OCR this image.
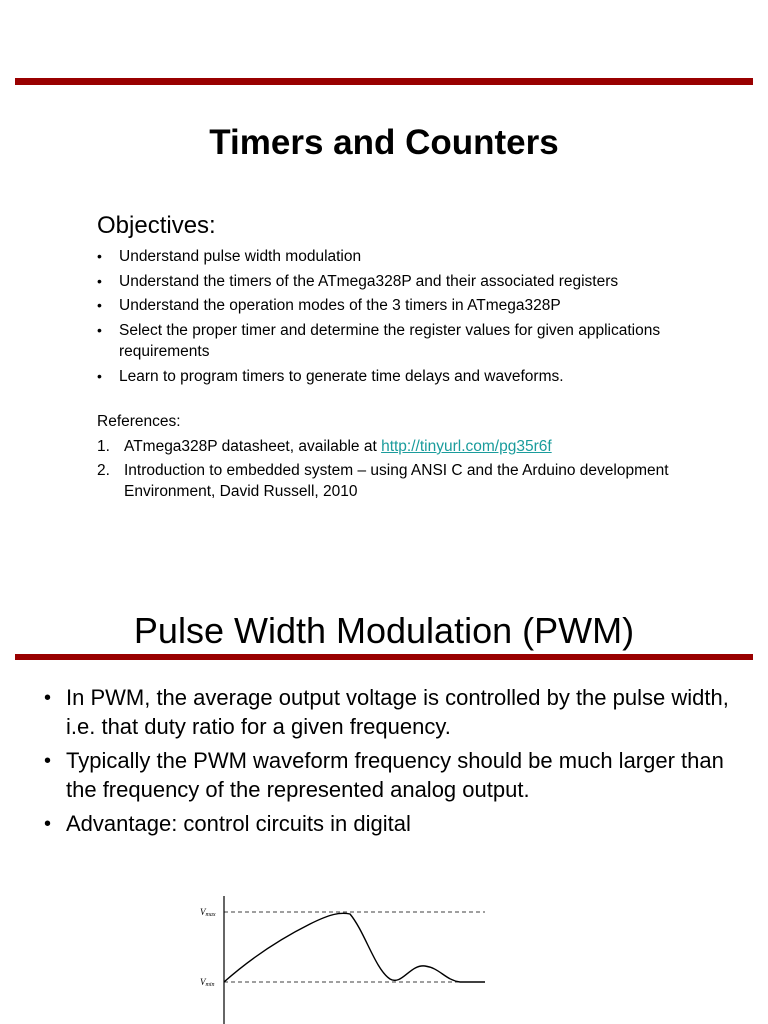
Timers and Counters
Objectives:
• Understand pulse width modulation
• Understand the timers of the ATmega328P and their associated registers
• Understand the operation modes of the 3 timers in ATmega328P
• Select the proper timer and determine the register values for given applications requirements
• Learn to program timers to generate time delays and waveforms.
References:
1. ATmega328P datasheet, available at http://tinyurl.com/pg35r6f
2. Introduction to embedded system – using ANSI C and the Arduino development Environment, David Russell, 2010
Pulse Width Modulation (PWM)
• In PWM, the average output voltage is controlled by the pulse width, i.e. that duty ratio for a given frequency.
• Typically the PWM waveform frequency should be much larger than the frequency of the represented analog output.
• Advantage: control circuits in digital
Vmax
Vmin
